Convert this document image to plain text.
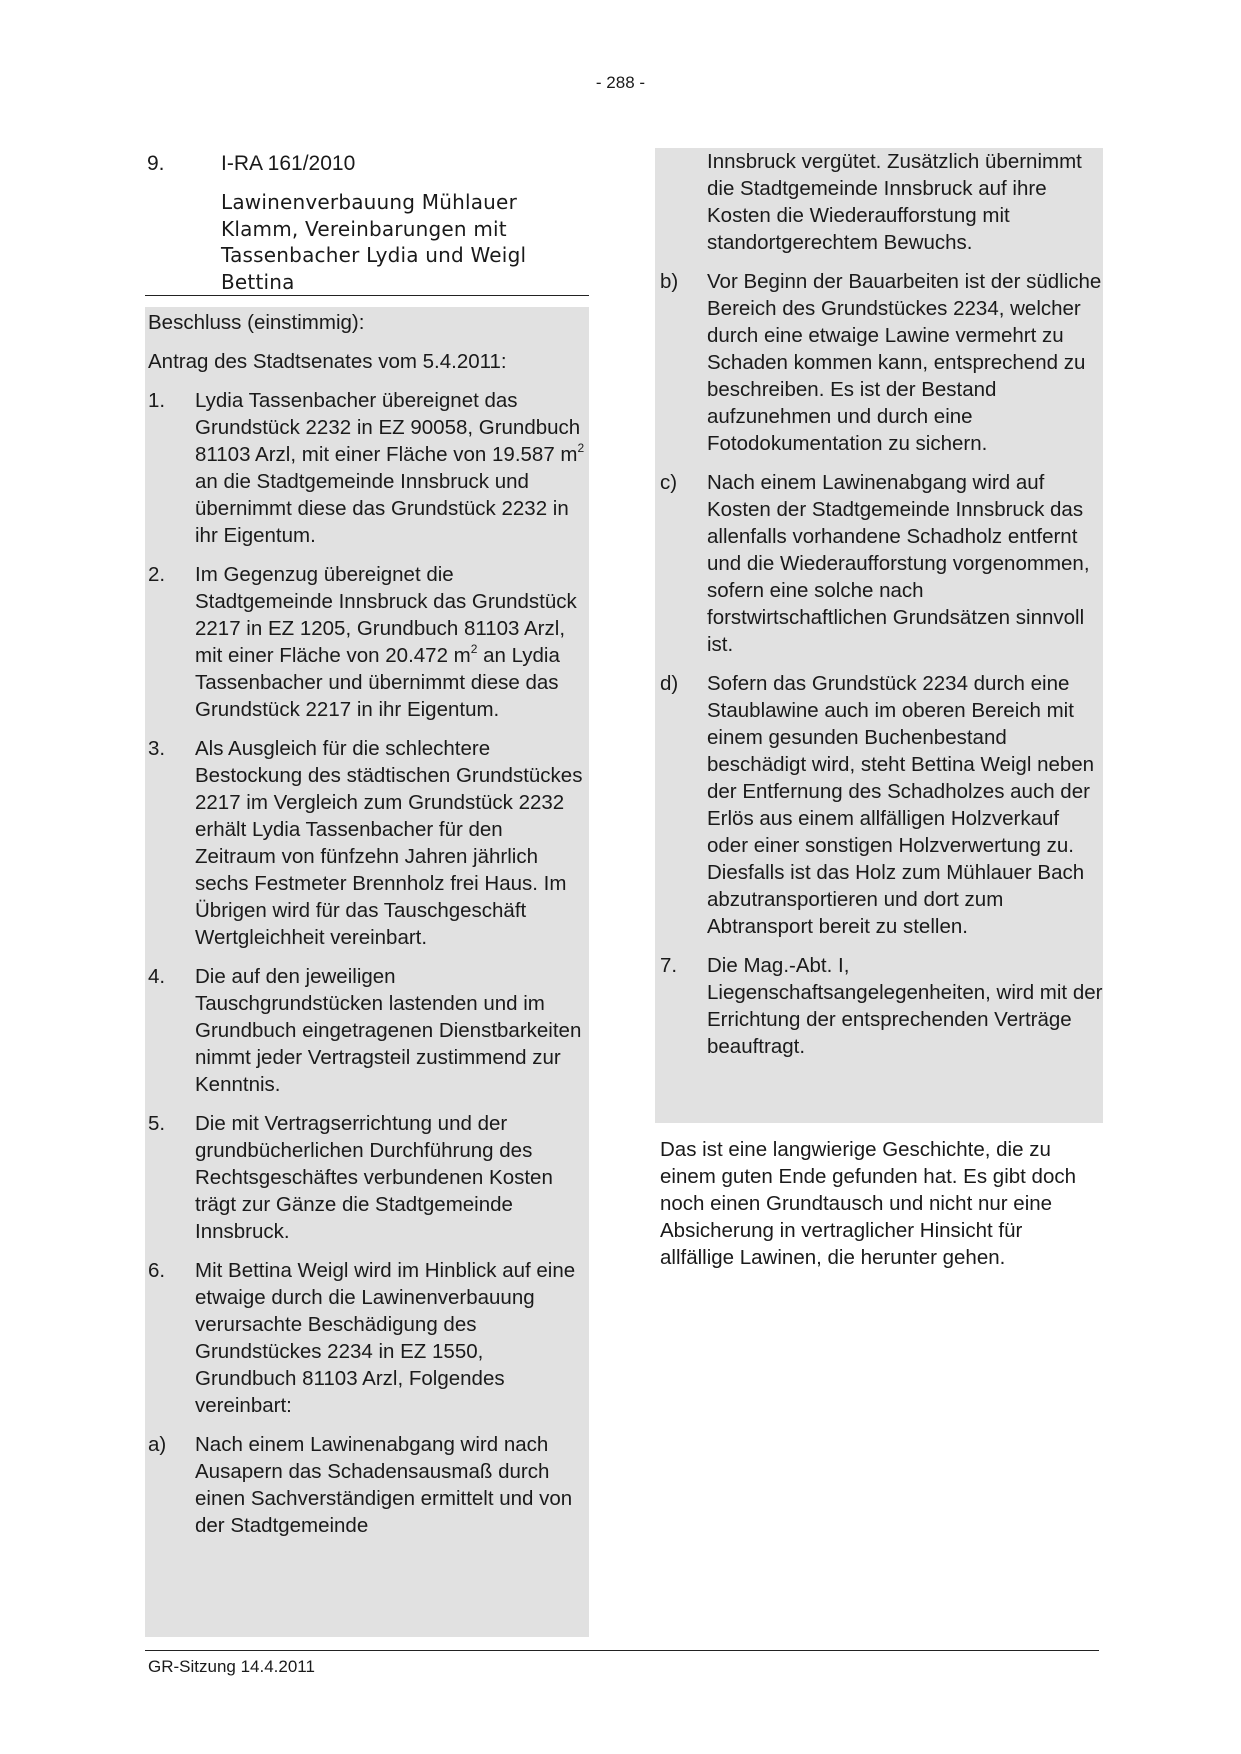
- 288 -
9.	I-RA 161/2010
Lawinenverbauung Mühlauer Klamm, Vereinbarungen mit Tassenbacher Lydia und Weigl Bettina

Beschluss (einstimmig):

Antrag des Stadtsenates vom 5.4.2011:

1.	Lydia Tassenbacher übereignet das Grundstück 2232 in EZ 90058, Grundbuch 81103 Arzl, mit einer Fläche von 19.587 $m^2$ an die Stadtgemeinde Innsbruck und übernimmt diese das Grundstück 2232 in ihr Eigentum.
2.	Im Gegenzug übereignet die Stadtgemeinde Innsbruck das Grundstück 2217 in EZ 1205, Grundbuch 81103 Arzl, mit einer Fläche von 20.472 $m^2$ an Lydia Tassenbacher und übernimmt diese das Grundstück 2217 in ihr Eigentum.
3.	Als Ausgleich für die schlechtere Bestockung des städtischen Grundstückes 2217 im Vergleich zum Grundstück 2232 erhält Lydia Tassenbacher für den Zeitraum von fünfzehn Jahren jährlich sechs Festmeter Brennholz frei Haus. Im Übrigen wird für das Tauschgeschäft Wertgleichheit vereinbart.
4.	Die auf den jeweiligen Tauschgrundstücken lastenden und im Grundbuch eingetragenen Dienstbarkeiten nimmt jeder Vertragsteil zustimmend zur Kenntnis.
5.	Die mit Vertragserrichtung und der grundbücherlichen Durchführung des Rechtsgeschäftes verbundenen Kosten trägt zur Gänze die Stadtgemeinde Innsbruck.
6.	Mit Bettina Weigl wird im Hinblick auf eine etwaige durch die Lawinenverbauung verursachte Beschädigung des Grundstückes 2234 in EZ 1550, Grundbuch 81103 Arzl, Folgendes vereinbart:
a)	Nach einem Lawinenabgang wird nach Ausapern das Schadensausmaß durch einen Sachverständigen ermittelt und von der Stadtgemeinde
Innsbruck vergütet. Zusätzlich übernimmt die Stadtgemeinde Innsbruck auf ihre Kosten die Wiederaufforstung mit standortgerechtem Bewuchs.
b)	Vor Beginn der Bauarbeiten ist der südliche Bereich des Grundstückes 2234, welcher durch eine etwaige Lawine vermehrt zu Schaden kommen kann, entsprechend zu beschreiben. Es ist der Bestand aufzunehmen und durch eine Fotodokumentation zu sichern.
c)	Nach einem Lawinenabgang wird auf Kosten der Stadtgemeinde Innsbruck das allenfalls vorhandene Schadholz entfernt und die Wiederaufforstung vorgenommen, sofern eine solche nach forstwirtschaftlichen Grundsätzen sinnvoll ist.
d)	Sofern das Grundstück 2234 durch eine Staublawine auch im oberen Bereich mit einem gesunden Buchenbestand beschädigt wird, steht Bettina Weigl neben der Entfernung des Schadholzes auch der Erlös aus einem allfälligen Holzverkauf oder einer sonstigen Holzverwertung zu. Diesfalls ist das Holz zum Mühlauer Bach abzutransportieren und dort zum Abtransport bereit zu stellen.
7.	Die Mag.-Abt. I, Liegenschaftsangelegenheiten, wird mit der Errichtung der entsprechenden Verträge beauftragt.
Das ist eine langwierige Geschichte, die zu einem guten Ende gefunden hat. Es gibt doch noch einen Grundtausch und nicht nur eine Absicherung in vertraglicher Hinsicht für allfällige Lawinen, die herunter gehen.
GR-Sitzung 14.4.2011
